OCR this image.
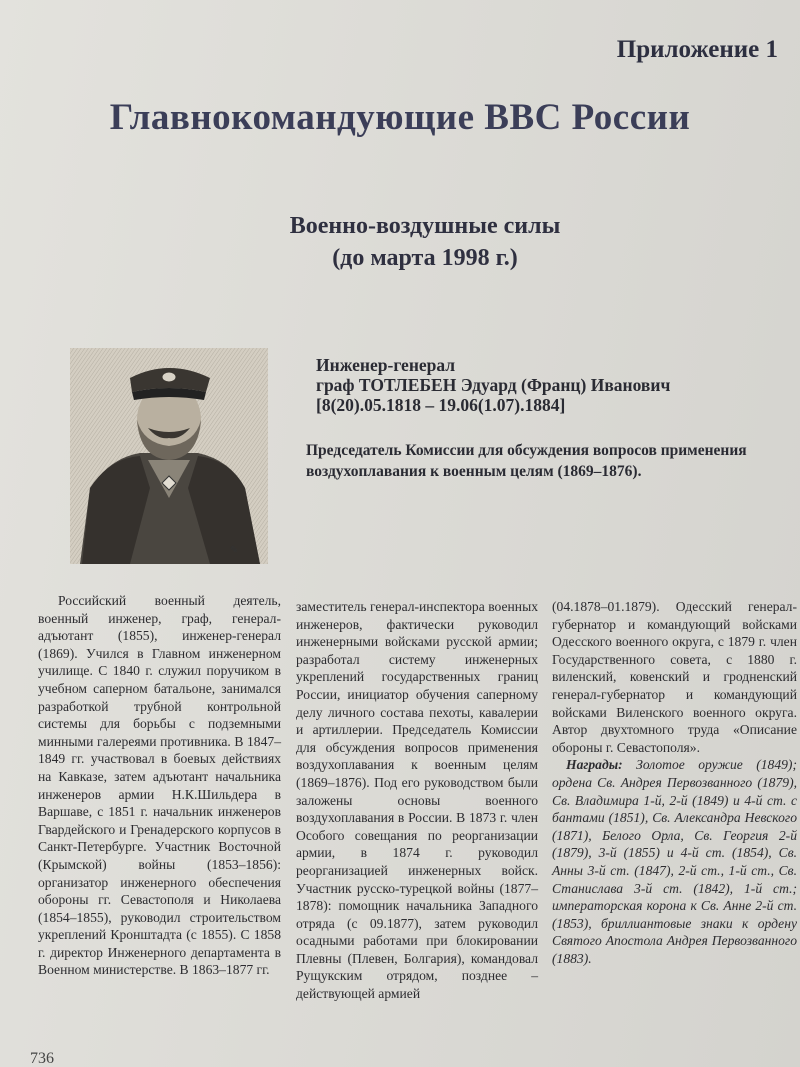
Приложение 1
Главнокомандующие ВВС России
Военно-воздушные силы
(до марта 1998 г.)
✎
Инженер-генерал
граф ТОТЛЕБЕН Эдуард (Франц) Иванович
[8(20).05.1818 – 19.06(1.07).1884]
Председатель Комиссии для обсуждения вопросов применения воздухоплавания к военным целям (1869–1876).

Российский военный деятель, военный инженер, граф, генерал-адъютант (1855), инженер-генерал (1869). Учился в Главном инженерном училище. С 1840 г. служил поручиком в учебном саперном батальоне, занимался разработкой трубной контрольной системы для борьбы с подземными минными галереями противника. В 1847–1849 гг. участвовал в боевых действиях на Кавказе, затем адъютант начальника инженеров армии Н.К.Шильдера в Варшаве, с 1851 г. начальник инженеров Гвардейского и Гренадерского корпусов в Санкт-Петербурге. Участник Восточной (Крымской) войны (1853–1856): организатор инженерного обеспечения обороны гг. Севастополя и Николаева (1854–1855), руководил строительством укреплений Кронштадта (с 1855). С 1858 г. директор Инженерного департамента в Военном министерстве. В 1863–1877 гг.

заместитель генерал-инспектора военных инженеров, фактически руководил инженерными войсками русской армии; разработал систему инженерных укреплений государственных границ России, инициатор обучения саперному делу личного состава пехоты, кавалерии и артиллерии. Председатель Комиссии для обсуждения вопросов применения воздухоплавания к военным целям (1869–1876). Под его руководством были заложены основы военного воздухоплавания в России. В 1873 г. член Особого совещания по реорганизации армии, в 1874 г. руководил реорганизацией инженерных войск. Участник русско-турецкой войны (1877–1878): помощник начальника Западного отряда (с 09.1877), затем руководил осадными работами при блокировании Плевны (Плевен, Болгария), командовал Рущукским отрядом, позднее – действующей армией

(04.1878–01.1879). Одесский генерал-губернатор и командующий войсками Одесского военного округа, с 1879 г. член Государственного совета, с 1880 г. виленский, ковенский и гродненский генерал-губернатор и командующий войсками Виленского военного округа. Автор двухтомного труда «Описание обороны г. Севастополя».

Награды: Золотое оружие (1849); ордена Св. Андрея Первозванного (1879), Св. Владимира 1-й, 2-й (1849) и 4-й ст. с бантами (1851), Св. Александра Невского (1871), Белого Орла, Св. Георгия 2-й (1879), 3-й (1855) и 4-й ст. (1854), Св. Анны 3-й ст. (1847), 2-й ст., 1-й ст., Св. Станислава 3-й ст. (1842), 1-й ст.; императорская корона к Св. Анне 2-й ст. (1853), бриллиантовые знаки к ордену Святого Апостола Андрея Первозванного (1883).

736
